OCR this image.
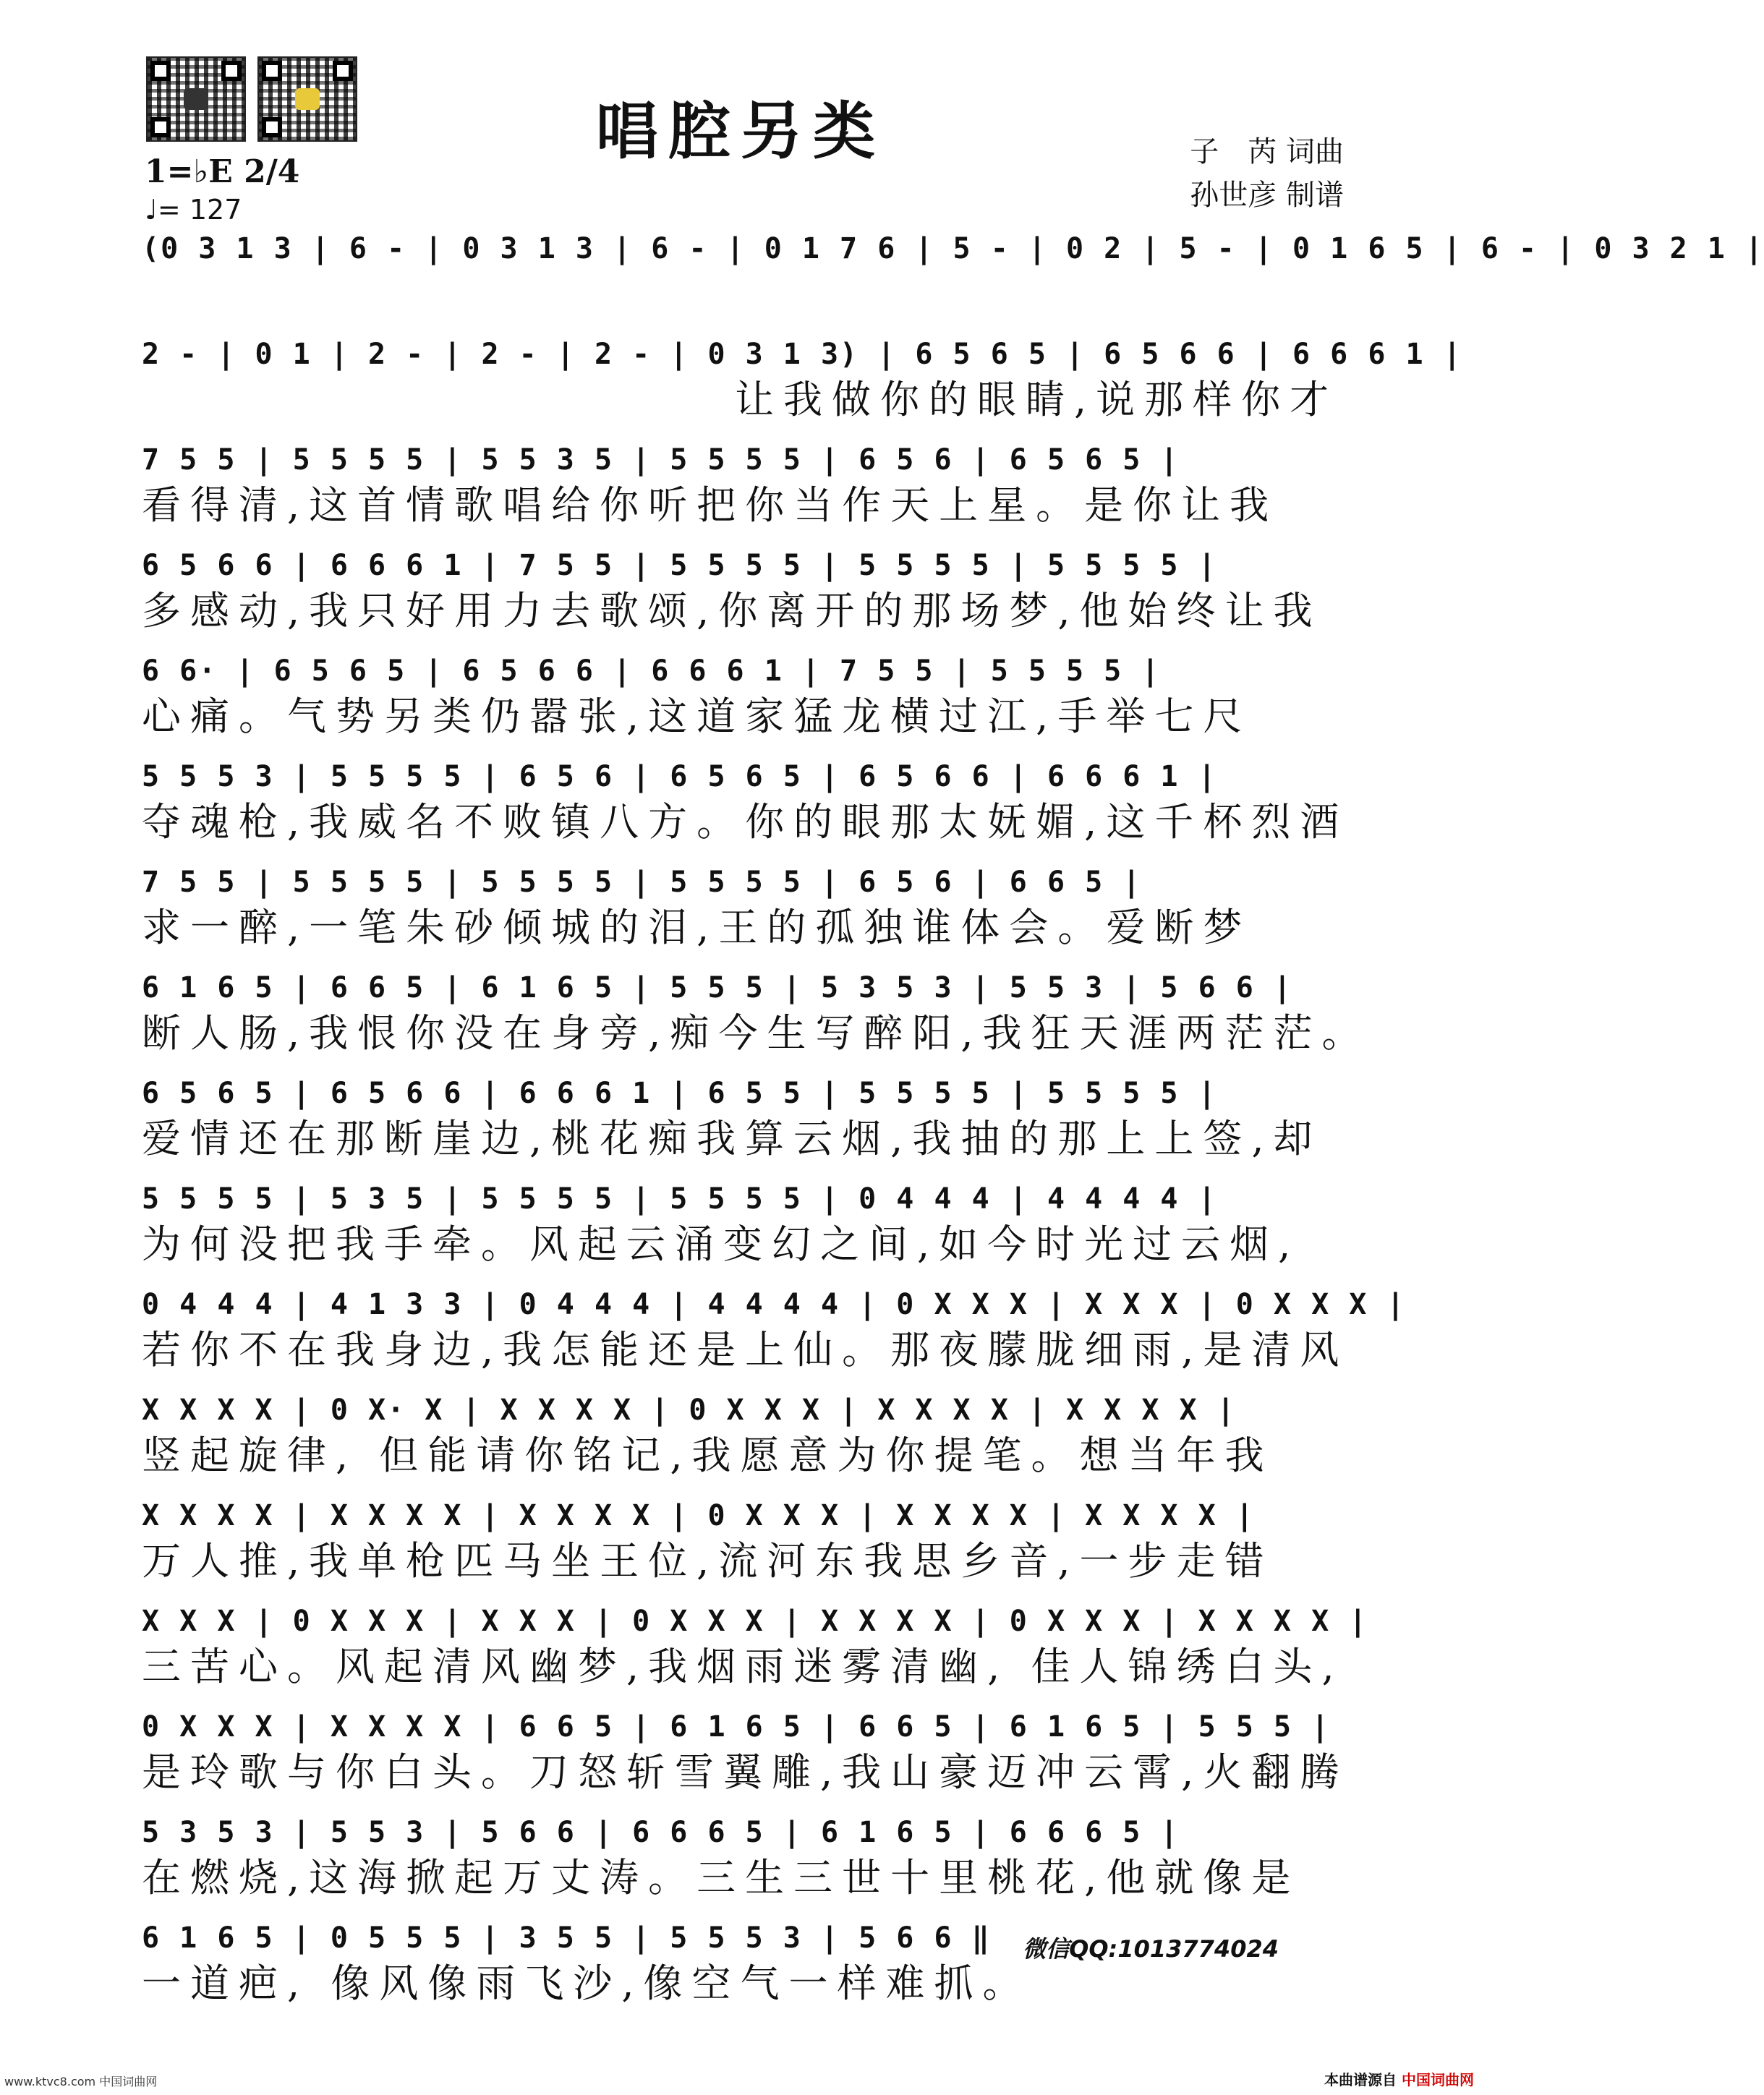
唱腔另类	子　芮 词曲
孙世彦 制谱
1=♭E 2/4
♩= 127
(0 3 1 3 | 6 - | 0 3 1 3 | 6 - | 0 1 7 6 | 5 - | 0 2 | 5 - | 0 1 6 5 | 6 - | 0 3 2 1 |
2 - | 0 1 | 2 - | 2 - | 2 - | 0 3 1 3) | 6 5 6 5 | 6 5 6 6 | 6 6 6 1 |
让我做你的眼睛,说那样你才
7 5 5 | 5 5 5 5 | 5 5 3 5 | 5 5 5 5 | 6 5 6 | 6 5 6 5 |
看得清,这首情歌唱给你听把你当作天上星。是你让我
6 5 6 6 | 6 6 6 1 | 7 5 5 | 5 5 5 5 | 5 5 5 5 | 5 5 5 5 |
多感动,我只好用力去歌颂,你离开的那场梦,他始终让我
6 6· | 6 5 6 5 | 6 5 6 6 | 6 6 6 1 | 7 5 5 | 5 5 5 5 |
心痛。气势另类仍嚣张,这道家猛龙横过江,手举七尺
5 5 5 3 | 5 5 5 5 | 6 5 6 | 6 5 6 5 | 6 5 6 6 | 6 6 6 1 |
夺魂枪,我威名不败镇八方。你的眼那太妩媚,这千杯烈酒
7 5 5 | 5 5 5 5 | 5 5 5 5 | 5 5 5 5 | 6 5 6 | 6 6 5 |
求一醉,一笔朱砂倾城的泪,王的孤独谁体会。爱断梦
6 1 6 5 | 6 6 5 | 6 1 6 5 | 5 5 5 | 5 3 5 3 | 5 5 3 | 5 6 6 |
断人肠,我恨你没在身旁,痴今生写醉阳,我狂天涯两茫茫。
6 5 6 5 | 6 5 6 6 | 6 6 6 1 | 6 5 5 | 5 5 5 5 | 5 5 5 5 |
爱情还在那断崖边,桃花痴我算云烟,我抽的那上上签,却
5 5 5 5 | 5 3 5 | 5 5 5 5 | 5 5 5 5 | 0 4 4 4 | 4 4 4 4 |
为何没把我手牵。风起云涌变幻之间,如今时光过云烟,
0 4 4 4 | 4 1 3 3 | 0 4 4 4 | 4 4 4 4 | 0 X X X | X X X | 0 X X X |
若你不在我身边,我怎能还是上仙。那夜朦胧细雨,是清风
X X X X | 0 X· X | X X X X | 0 X X X | X X X X | X X X X |
竖起旋律, 但能请你铭记,我愿意为你提笔。想当年我
X X X X | X X X X | X X X X | 0 X X X | X X X X | X X X X |
万人推,我单枪匹马坐王位,流河东我思乡音,一步走错
X X X | 0 X X X | X X X | 0 X X X | X X X X | 0 X X X | X X X X |
三苦心。风起清风幽梦,我烟雨迷雾清幽, 佳人锦绣白头,
0 X X X | X X X X | 6 6 5 | 6 1 6 5 | 6 6 5 | 6 1 6 5 | 5 5 5 |
是玲歌与你白头。刀怒斩雪翼雕,我山豪迈冲云霄,火翻腾
5 3 5 3 | 5 5 3 | 5 6 6 | 6 6 6 5 | 6 1 6 5 | 6 6 6 5 |
在燃烧,这海掀起万丈涛。三生三世十里桃花,他就像是
6 1 6 5 | 0 5 5 5 | 3 5 5 | 5 5 5 3 | 5 6 6 ‖
一道疤, 像风像雨飞沙,像空气一样难抓。
微信QQ:1013774024
www.ktvc8.com 中国词曲网	本曲谱源自 中国词曲网
